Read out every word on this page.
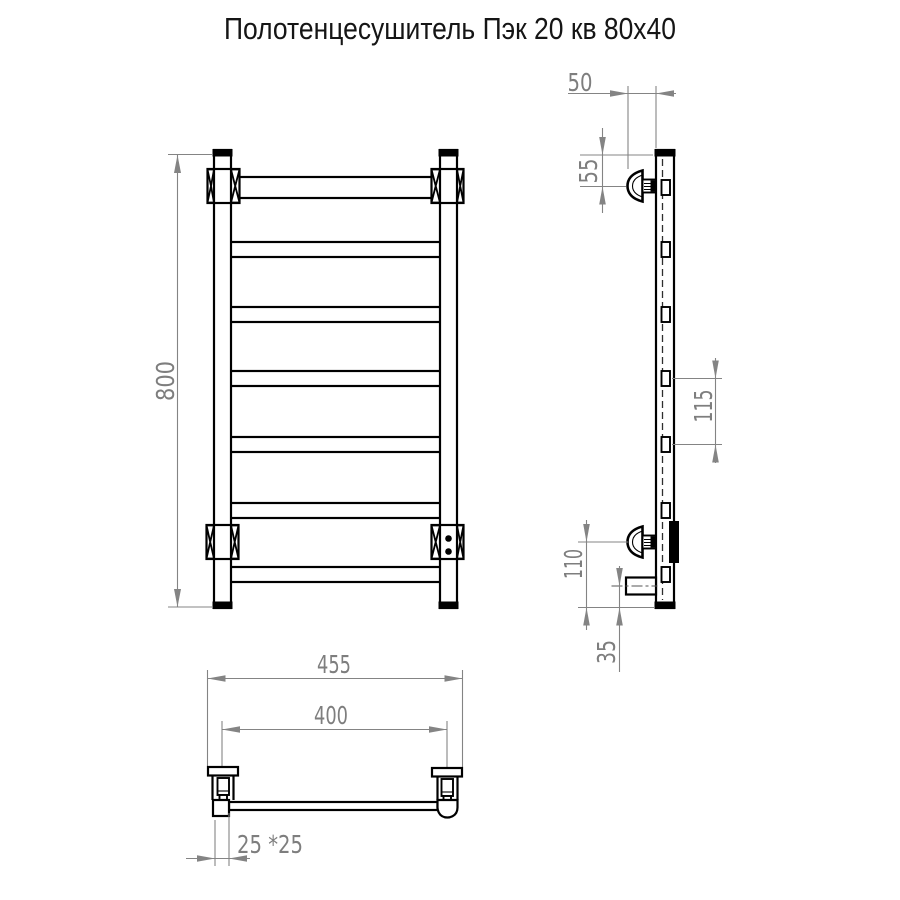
Полотенцесушитель Пэк 20 кв 80х40
800
50
55
115
110
35
455
400
25 *25
